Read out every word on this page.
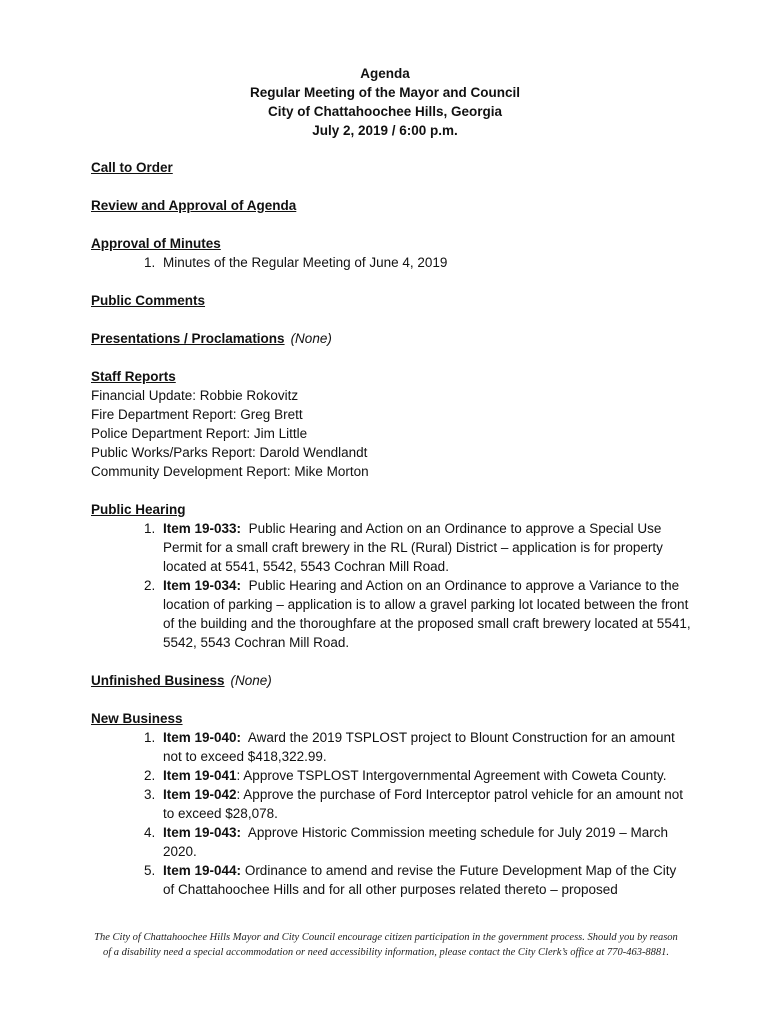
Agenda
Regular Meeting of the Mayor and Council
City of Chattahoochee Hills, Georgia
July 2, 2019 / 6:00 p.m.
Call to Order
Review and Approval of Agenda
Approval of Minutes
1. Minutes of the Regular Meeting of June 4, 2019
Public Comments
Presentations / Proclamations (None)
Staff Reports
Financial Update: Robbie Rokovitz
Fire Department Report: Greg Brett
Police Department Report: Jim Little
Public Works/Parks Report: Darold Wendlandt
Community Development Report: Mike Morton
Public Hearing
1. Item 19-033: Public Hearing and Action on an Ordinance to approve a Special Use Permit for a small craft brewery in the RL (Rural) District – application is for property located at 5541, 5542, 5543 Cochran Mill Road.
2. Item 19-034: Public Hearing and Action on an Ordinance to approve a Variance to the location of parking – application is to allow a gravel parking lot located between the front of the building and the thoroughfare at the proposed small craft brewery located at 5541, 5542, 5543 Cochran Mill Road.
Unfinished Business (None)
New Business
1. Item 19-040: Award the 2019 TSPLOST project to Blount Construction for an amount not to exceed $418,322.99.
2. Item 19-041: Approve TSPLOST Intergovernmental Agreement with Coweta County.
3. Item 19-042: Approve the purchase of Ford Interceptor patrol vehicle for an amount not to exceed $28,078.
4. Item 19-043: Approve Historic Commission meeting schedule for July 2019 – March 2020.
5. Item 19-044: Ordinance to amend and revise the Future Development Map of the City of Chattahoochee Hills and for all other purposes related thereto – proposed
The City of Chattahoochee Hills Mayor and City Council encourage citizen participation in the government process. Should you by reason of a disability need a special accommodation or need accessibility information, please contact the City Clerk’s office at 770-463-8881.
